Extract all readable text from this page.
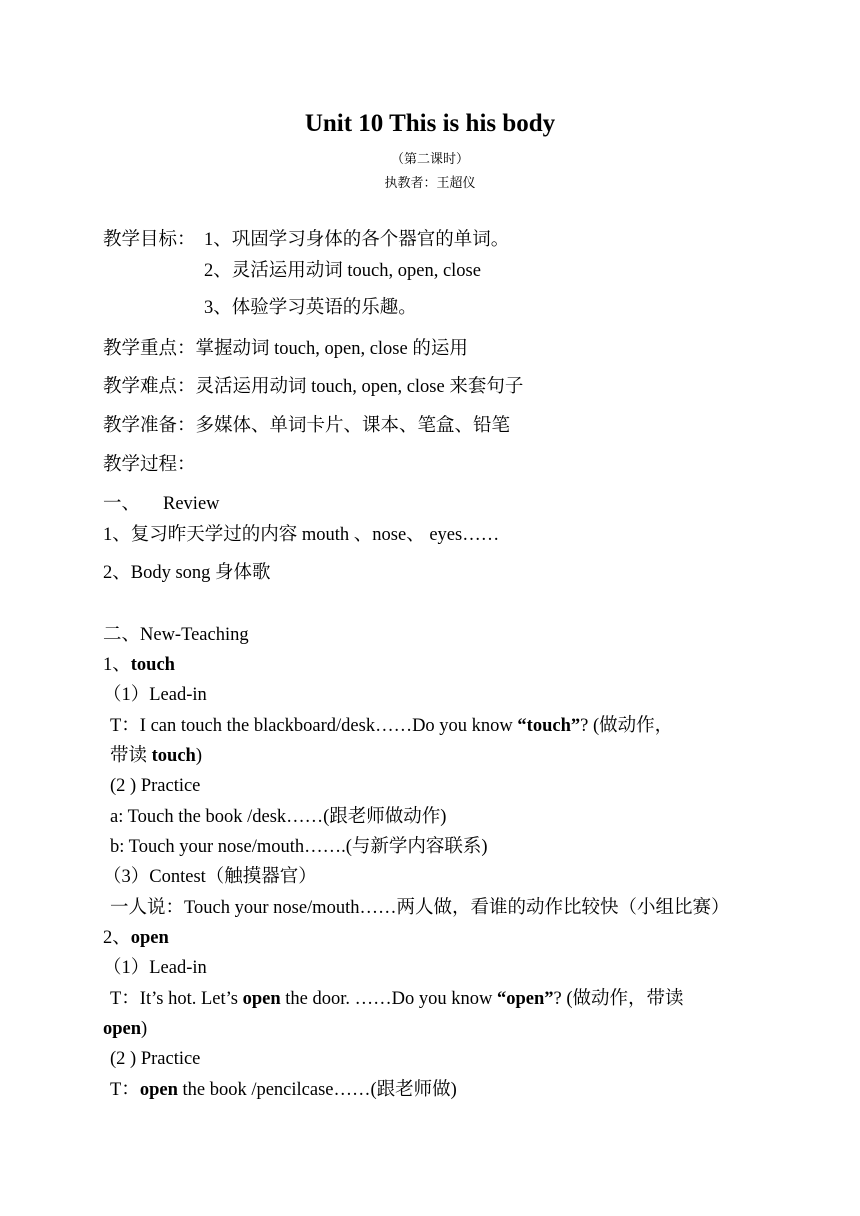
Unit 10 This is his body
（第二课时）
执教者：王超仪
教学目标： 1、巩固学习身体的各个器官的单词。
2、灵活运用动词 touch, open, close
3、体验学习英语的乐趣。
教学重点：掌握动词 touch, open, close 的运用
教学难点：灵活运用动词 touch, open, close 来套句子
教学准备：多媒体、单词卡片、课本、笔盒、铅笔
教学过程：
一、 Review
1、复习昨天学过的内容 mouth 、nose、 eyes……
2、Body song 身体歌
二、New-Teaching
1、touch
（1）Lead-in
T：I can touch the blackboard/desk……Do you know “touch”? (做动作，
带读 touch)
(2 ) Practice
a: Touch the book /desk……(跟老师做动作)
b: Touch your nose/mouth…….(与新学内容联系)
（3）Contest（触摸器官）
一人说：Touch your nose/mouth……两人做，看谁的动作比较快（小组比赛）
2、open
（1）Lead-in
T：It’s hot. Let’s open the door. ……Do you know “open”? (做动作，带读
open)
(2 ) Practice
T：open the book /pencilcase……(跟老师做)
